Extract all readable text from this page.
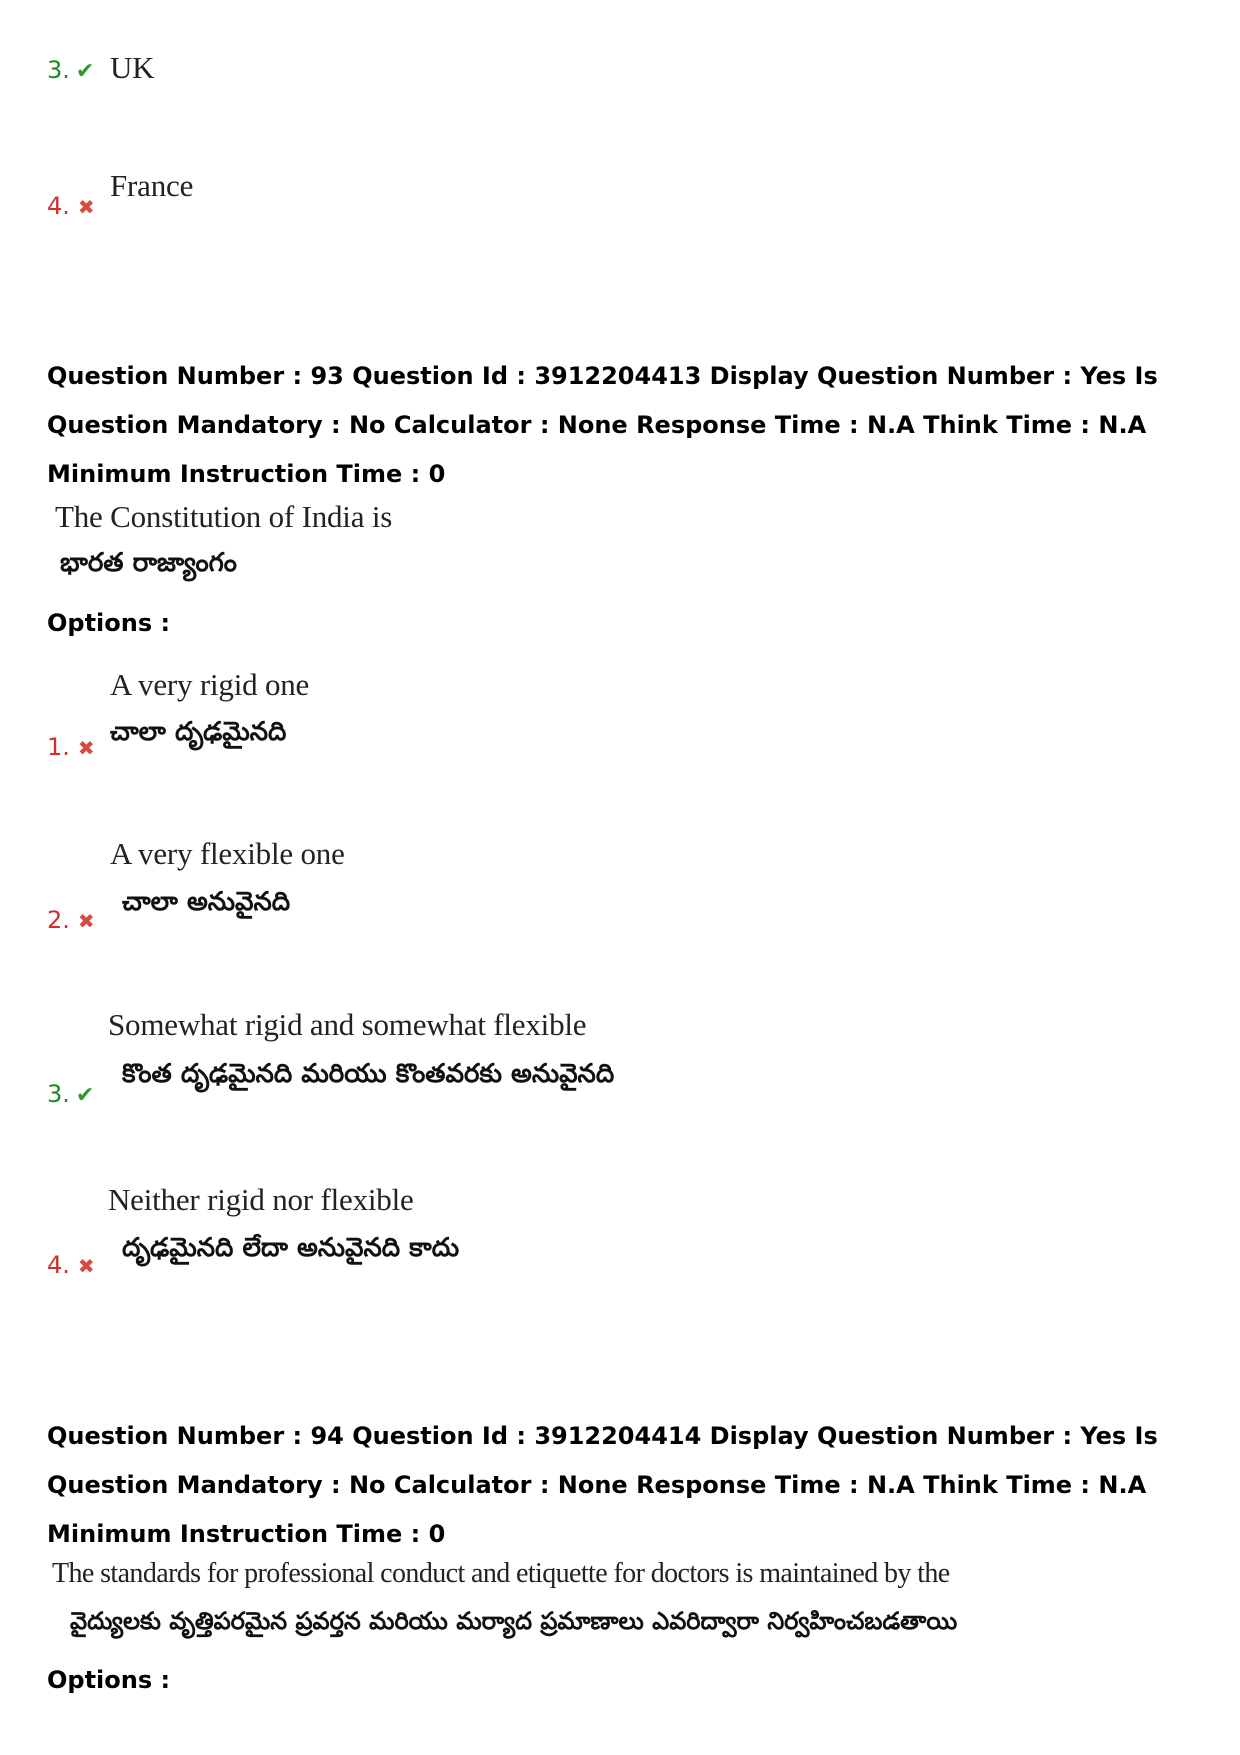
3. ✔ UK
4. ✖
France
Question Number : 93 Question Id : 3912204413 Display Question Number : Yes Is Question Mandatory : No Calculator : None Response Time : N.A Think Time : N.A Minimum Instruction Time : 0
The Constitution of India is
భారత రాజ్యాంగం
Options :
A very rigid one
చాలా దృఢమైనది
1. ✖
A very flexible one
చాలా అనువైనది
2. ✖
Somewhat rigid and somewhat flexible
కొంత దృఢమైనది మరియు కొంతవరకు అనువైనది
3. ✔
Neither rigid nor flexible
దృఢమైనది లేదా అనువైనది కాదు
4. ✖
Question Number : 94 Question Id : 3912204414 Display Question Number : Yes Is Question Mandatory : No Calculator : None Response Time : N.A Think Time : N.A Minimum Instruction Time : 0
The standards for professional conduct and etiquette for doctors is maintained by the
వైద్యులకు వృత్తిపరమైన ప్రవర్తన మరియు మర్యాద ప్రమాణాలు ఎవరిద్వారా నిర్వహించబడతాయి
Options :
